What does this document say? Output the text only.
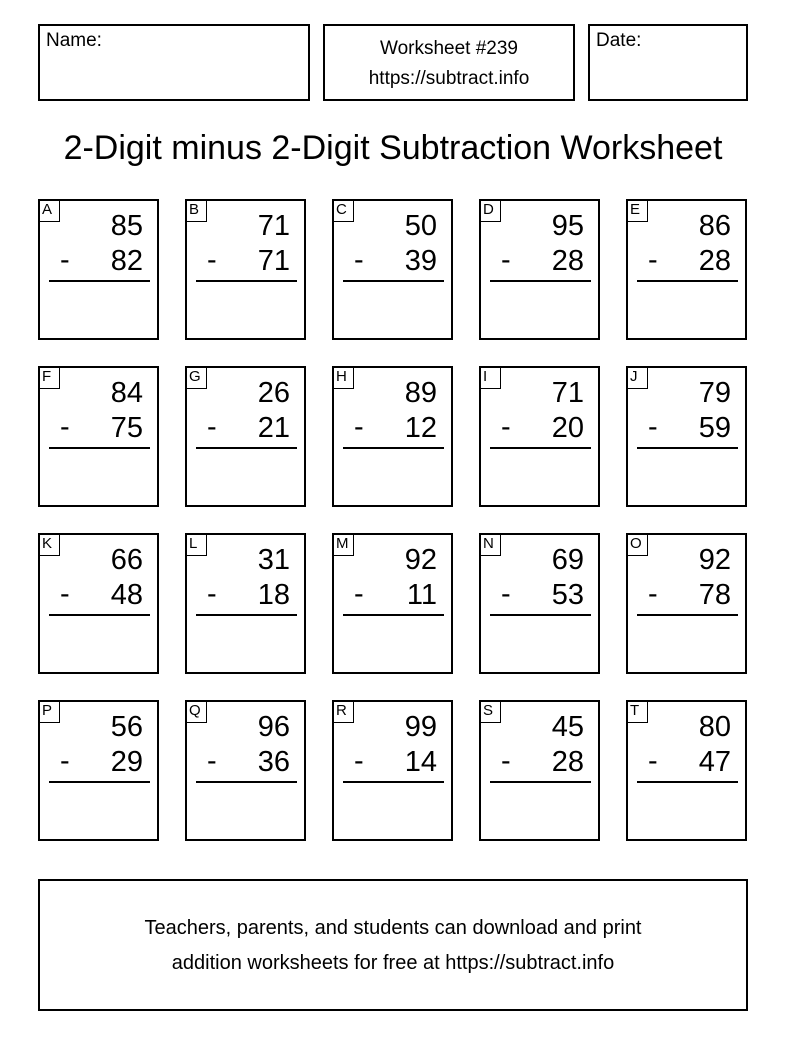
Name:	Worksheet #239
https://subtract.info
Date:
2-Digit minus 2-Digit Subtraction Worksheet
A
85
- 82
B
71
- 71
C
50
- 39
D
95
- 28
E
86
- 28
F
84
- 75
G
26
- 21
H
89
- 12
I
71
- 20
J
79
- 59
K
66
- 48
L
31
- 18
M
92
- 11
N
69
- 53
O
92
- 78
P
56
- 29
Q
96
- 36
R
99
- 14
S
45
- 28
T
80
- 47
Teachers, parents, and students can download and print
addition worksheets for free at https://subtract.info
